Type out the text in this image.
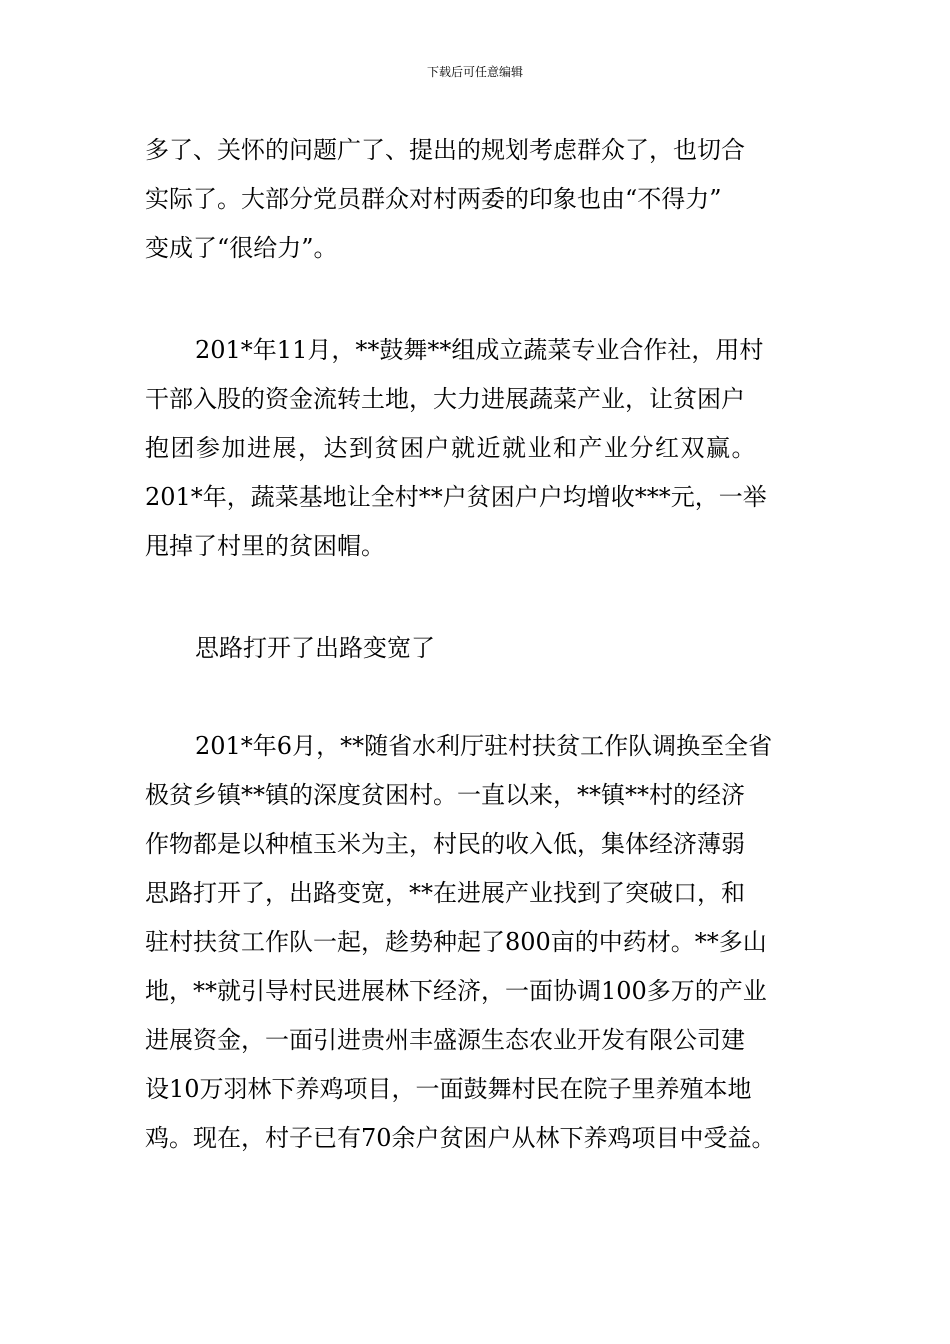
下载后可任意编辑
多了、关怀的问题广了、提出的规划考虑群众了，也切合
实际了。大部分党员群众对村两委的印象也由“不得力”
变成了“很给力”。
201*年11月，**鼓舞**组成立蔬菜专业合作社，用村
干部入股的资金流转土地，大力进展蔬菜产业，让贫困户
抱团参加进展，达到贫困户就近就业和产业分红双赢。
201*年，蔬菜基地让全村**户贫困户户均增收***元，一举
甩掉了村里的贫困帽。
思路打开了出路变宽了
201*年6月，**随省水利厅驻村扶贫工作队调换至全省
极贫乡镇**镇的深度贫困村。一直以来，**镇**村的经济
作物都是以种植玉米为主，村民的收入低，集体经济薄弱
思路打开了，出路变宽，**在进展产业找到了突破口，和
驻村扶贫工作队一起，趁势种起了800亩的中药材。**多山
地，**就引导村民进展林下经济，一面协调100多万的产业
进展资金，一面引进贵州丰盛源生态农业开发有限公司建
设10万羽林下养鸡项目，一面鼓舞村民在院子里养殖本地
鸡。现在，村子已有70余户贫困户从林下养鸡项目中受益。
